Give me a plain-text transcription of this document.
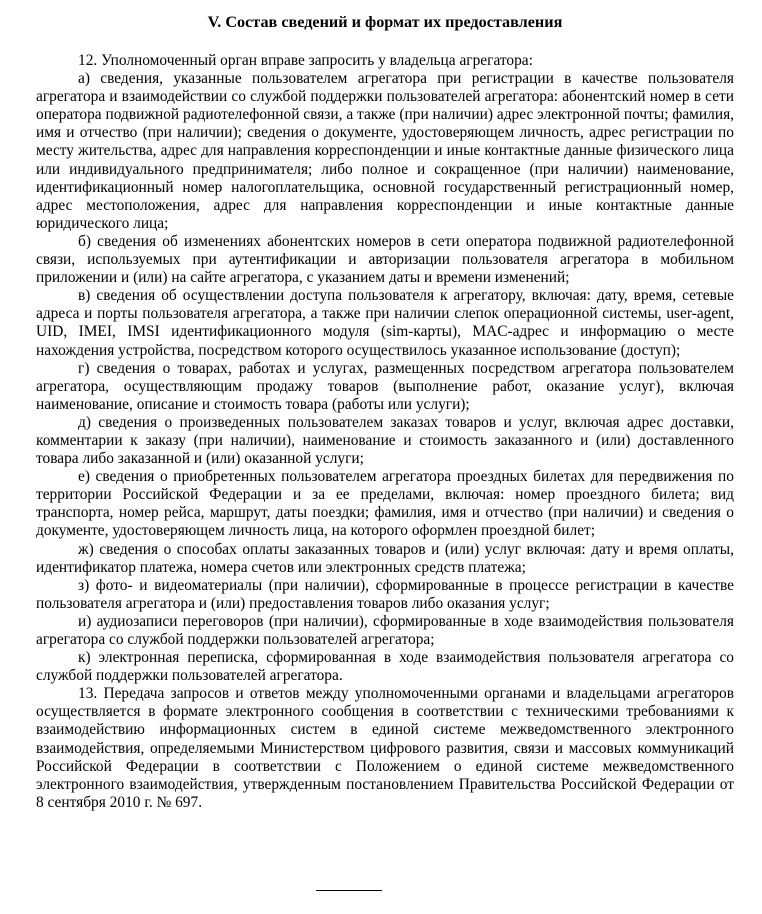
V. Состав сведений и формат их предоставления

12. Уполномоченный орган вправе запросить у владельца агрегатора:

а) сведения, указанные пользователем агрегатора при регистрации в качестве пользователя агрегатора и взаимодействии со службой поддержки пользователей агрегатора: абонентский номер в сети оператора подвижной радиотелефонной связи, а также (при наличии) адрес электронной почты; фамилия, имя и отчество (при наличии); сведения о документе, удостоверяющем личность, адрес регистрации по месту жительства, адрес для направления корреспонденции и иные контактные данные физического лица или индивидуального предпринимателя; либо полное и сокращенное (при наличии) наименование, идентификационный номер налогоплательщика, основной государственный регистрационный номер, адрес местоположения, адрес для направления корреспонденции и иные контактные данные юридического лица;

б) сведения об изменениях абонентских номеров в сети оператора подвижной радиотелефонной связи, используемых при аутентификации и авторизации пользователя агрегатора в мобильном приложении и (или) на сайте агрегатора, с указанием даты и времени изменений;

в) сведения об осуществлении доступа пользователя к агрегатору, включая: дату, время, сетевые адреса и порты пользователя агрегатора, а также при наличии слепок операционной системы, user-agent, UID, IMEI, IMSI идентификационного модуля (sim-карты), MAC-адрес и информацию о месте нахождения устройства, посредством которого осуществилось указанное использование (доступ);

г) сведения о товарах, работах и услугах, размещенных посредством агрегатора пользователем агрегатора, осуществляющим продажу товаров (выполнение работ, оказание услуг), включая наименование, описание и стоимость товара (работы или услуги);

д) сведения о произведенных пользователем заказах товаров и услуг, включая адрес доставки, комментарии к заказу (при наличии), наименование и стоимость заказанного и (или) доставленного товара либо заказанной и (или) оказанной услуги;

е) сведения о приобретенных пользователем агрегатора проездных билетах для передвижения по территории Российской Федерации и за ее пределами, включая: номер проездного билета; вид транспорта, номер рейса, маршрут, даты поездки; фамилия, имя и отчество (при наличии) и сведения о документе, удостоверяющем личность лица, на которого оформлен проездной билет;

ж) сведения о способах оплаты заказанных товаров и (или) услуг включая: дату и время оплаты, идентификатор платежа, номера счетов или электронных средств платежа;

з) фото- и видеоматериалы (при наличии), сформированные в процессе регистрации в качестве пользователя агрегатора и (или) предоставления товаров либо оказания услуг;

и) аудиозаписи переговоров (при наличии), сформированные в ходе взаимодействия пользователя агрегатора со службой поддержки пользователей агрегатора;

к) электронная переписка, сформированная в ходе взаимодействия пользователя агрегатора со службой поддержки пользователей агрегатора.

13. Передача запросов и ответов между уполномоченными органами и владельцами агрегаторов осуществляется в формате электронного сообщения в соответствии с техническими требованиями к взаимодействию информационных систем в единой системе межведомственного электронного взаимодействия, определяемыми Министерством цифрового развития, связи и массовых коммуникаций Российской Федерации в соответствии с Положением о единой системе межведомственного электронного взаимодействия, утвержденным постановлением Правительства Российской Федерации от 8 сентября 2010 г. № 697.
